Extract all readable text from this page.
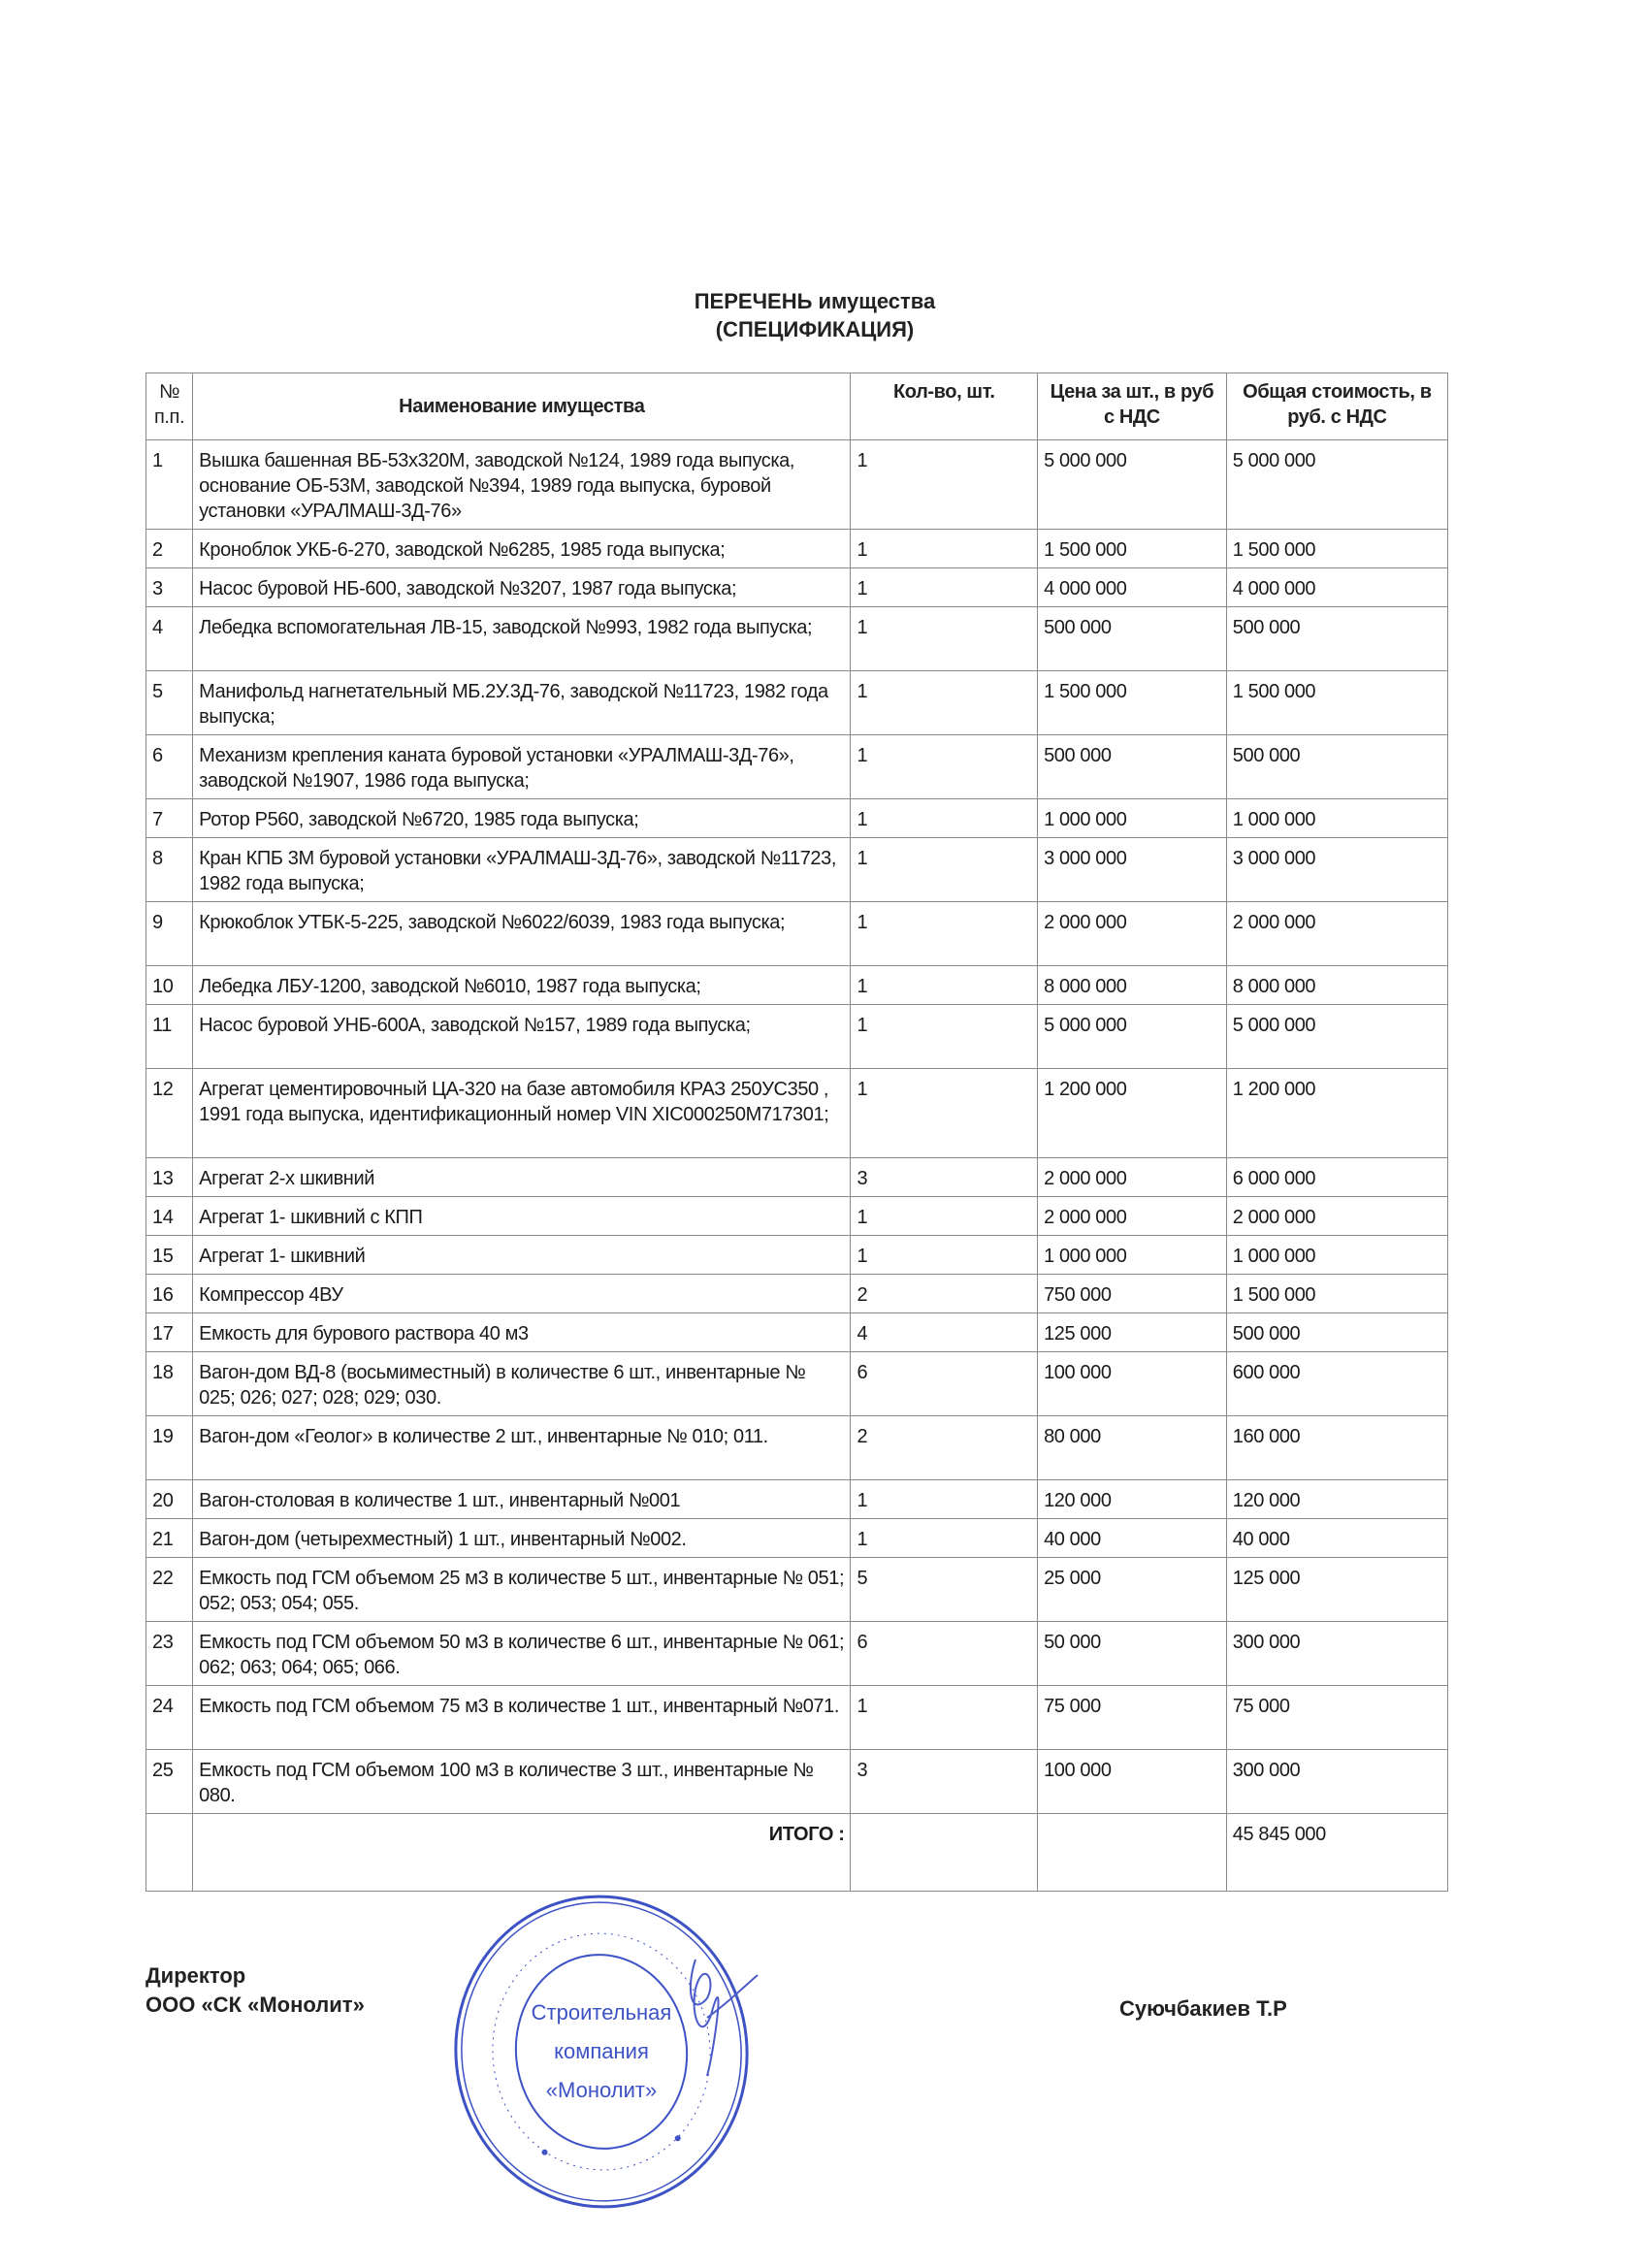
ПЕРЕЧЕНЬ имущества
(СПЕЦИФИКАЦИЯ)
№ п.п.	Наименование имущества	Кол-во, шт.	Цена за шт., в руб с НДС	Общая стоимость, в руб. с НДС
1	Вышка башенная ВБ-53х320М, заводской №124, 1989 года выпуска, основание ОБ-53М, заводской №394, 1989 года выпуска, буровой установки «УРАЛМАШ-3Д-76»	1	5 000 000	5 000 000
2	Кроноблок УКБ-6-270, заводской №6285, 1985 года выпуска;	1	1 500 000	1 500 000
3	Насос буровой НБ-600, заводской №3207, 1987 года выпуска;	1	4 000 000	4 000 000
4	Лебедка вспомогательная ЛВ-15, заводской №993, 1982 года выпуска;	1	500 000	500 000
5	Манифольд нагнетательный МБ.2У.3Д-76, заводской №11723, 1982 года выпуска;	1	1 500 000	1 500 000
6	Механизм крепления каната буровой установки «УРАЛМАШ-3Д-76», заводской №1907, 1986 года выпуска;	1	500 000	500 000
7	Ротор Р560, заводской №6720, 1985 года выпуска;	1	1 000 000	1 000 000
8	Кран КПБ 3М буровой установки «УРАЛМАШ-3Д-76», заводской №11723, 1982 года выпуска;	1	3 000 000	3 000 000
9	Крюкоблок УТБК-5-225, заводской №6022/6039, 1983 года выпуска;	1	2 000 000	2 000 000
10	Лебедка ЛБУ-1200, заводской №6010, 1987 года выпуска;	1	8 000 000	8 000 000
11	Насос буровой УНБ-600А, заводской №157, 1989 года выпуска;	1	5 000 000	5 000 000
12	Агрегат цементировочный ЦА-320 на базе автомобиля КРАЗ 250УС350 , 1991 года выпуска, идентификационный номер VIN XIC000250M717301;	1	1 200 000	1 200 000
13	Агрегат 2-х шкивний	3	2 000 000	6 000 000
14	Агрегат 1- шкивний с КПП	1	2 000 000	2 000 000
15	Агрегат 1- шкивний	1	1 000 000	1 000 000
16	Компрессор 4ВУ	2	750 000	1 500 000
17	Емкость для бурового раствора 40 м3	4	125 000	500 000
18	Вагон-дом ВД-8 (восьмиместный) в количестве 6 шт., инвентарные № 025; 026; 027; 028; 029; 030.	6	100 000	600 000
19	Вагон-дом «Геолог» в количестве 2 шт., инвентарные № 010; 011.	2	80 000	160 000
20	Вагон-столовая в количестве 1 шт., инвентарный №001	1	120 000	120 000
21	Вагон-дом (четырехместный) 1 шт., инвентарный №002.	1	40 000	40 000
22	Емкость под ГСМ объемом 25 м3 в количестве 5 шт., инвентарные № 051; 052; 053; 054; 055.	5	25 000	125 000
23	Емкость под ГСМ объемом 50 м3 в количестве 6 шт., инвентарные № 061; 062; 063; 064; 065; 066.	6	50 000	300 000
24	Емкость под ГСМ объемом 75 м3 в количестве 1 шт., инвентарный №071.	1	75 000	75 000
25	Емкость под ГСМ объемом 100 м3 в количестве 3 шт., инвентарные № 080.	3	100 000	300 000
	ИТОГО :			45 845 000
Директор
ООО «СК «Монолит»	Суючбакиев Т.Р
Строительная
компания
«Монолит»
